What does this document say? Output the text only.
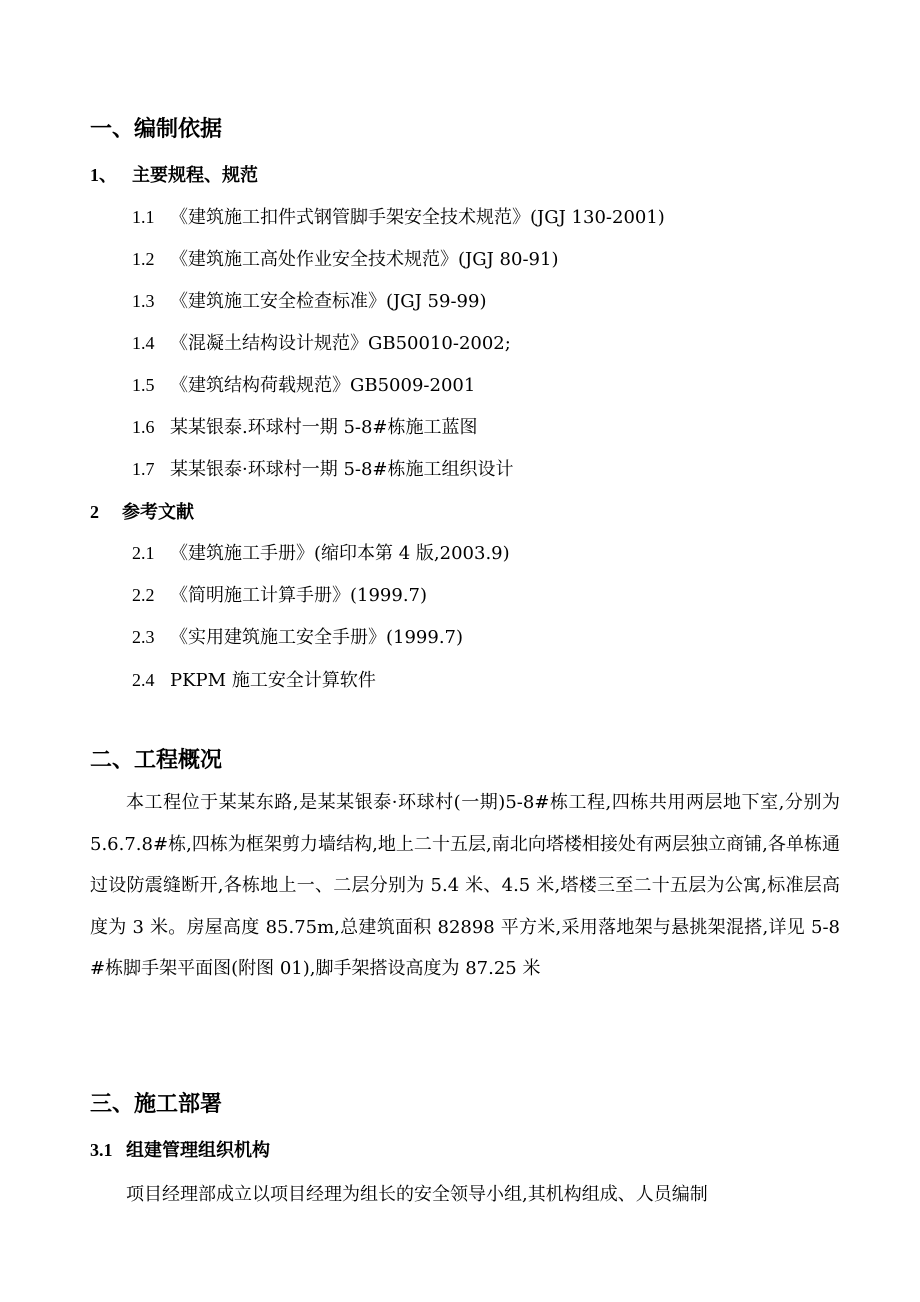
一、编制依据
1、 主要规程、规范
1.1 《建筑施工扣件式钢管脚手架安全技术规范》(JGJ 130-2001)
1.2 《建筑施工高处作业安全技术规范》(JGJ 80-91)
1.3 《建筑施工安全检查标准》(JGJ 59-99)
1.4 《混凝土结构设计规范》GB50010-2002;
1.5 《建筑结构荷载规范》GB5009-2001
1.6 某某银泰.环球村一期 5-8#栋施工蓝图
1.7 某某银泰·环球村一期 5-8#栋施工组织设计
2 参考文献
2.1 《建筑施工手册》(缩印本第 4 版,2003.9)
2.2 《简明施工计算手册》(1999.7)
2.3 《实用建筑施工安全手册》(1999.7)
2.4 PKPM 施工安全计算软件
二、工程概况
本工程位于某某东路,是某某银泰·环球村(一期)5-8#栋工程,四栋共用两层地下室,分别为 5.6.7.8#栋,四栋为框架剪力墙结构,地上二十五层,南北向塔楼相接处有两层独立商铺,各单栋通过设防震缝断开,各栋地上一、二层分别为 5.4 米、4.5 米,塔楼三至二十五层为公寓,标准层高度为 3 米。房屋高度 85.75m,总建筑面积 82898 平方米,采用落地架与悬挑架混搭,详见 5-8#栋脚手架平面图(附图 01),脚手架搭设高度为 87.25 米
三、施工部署
3.1 组建管理组织机构
项目经理部成立以项目经理为组长的安全领导小组,其机构组成、人员编制
